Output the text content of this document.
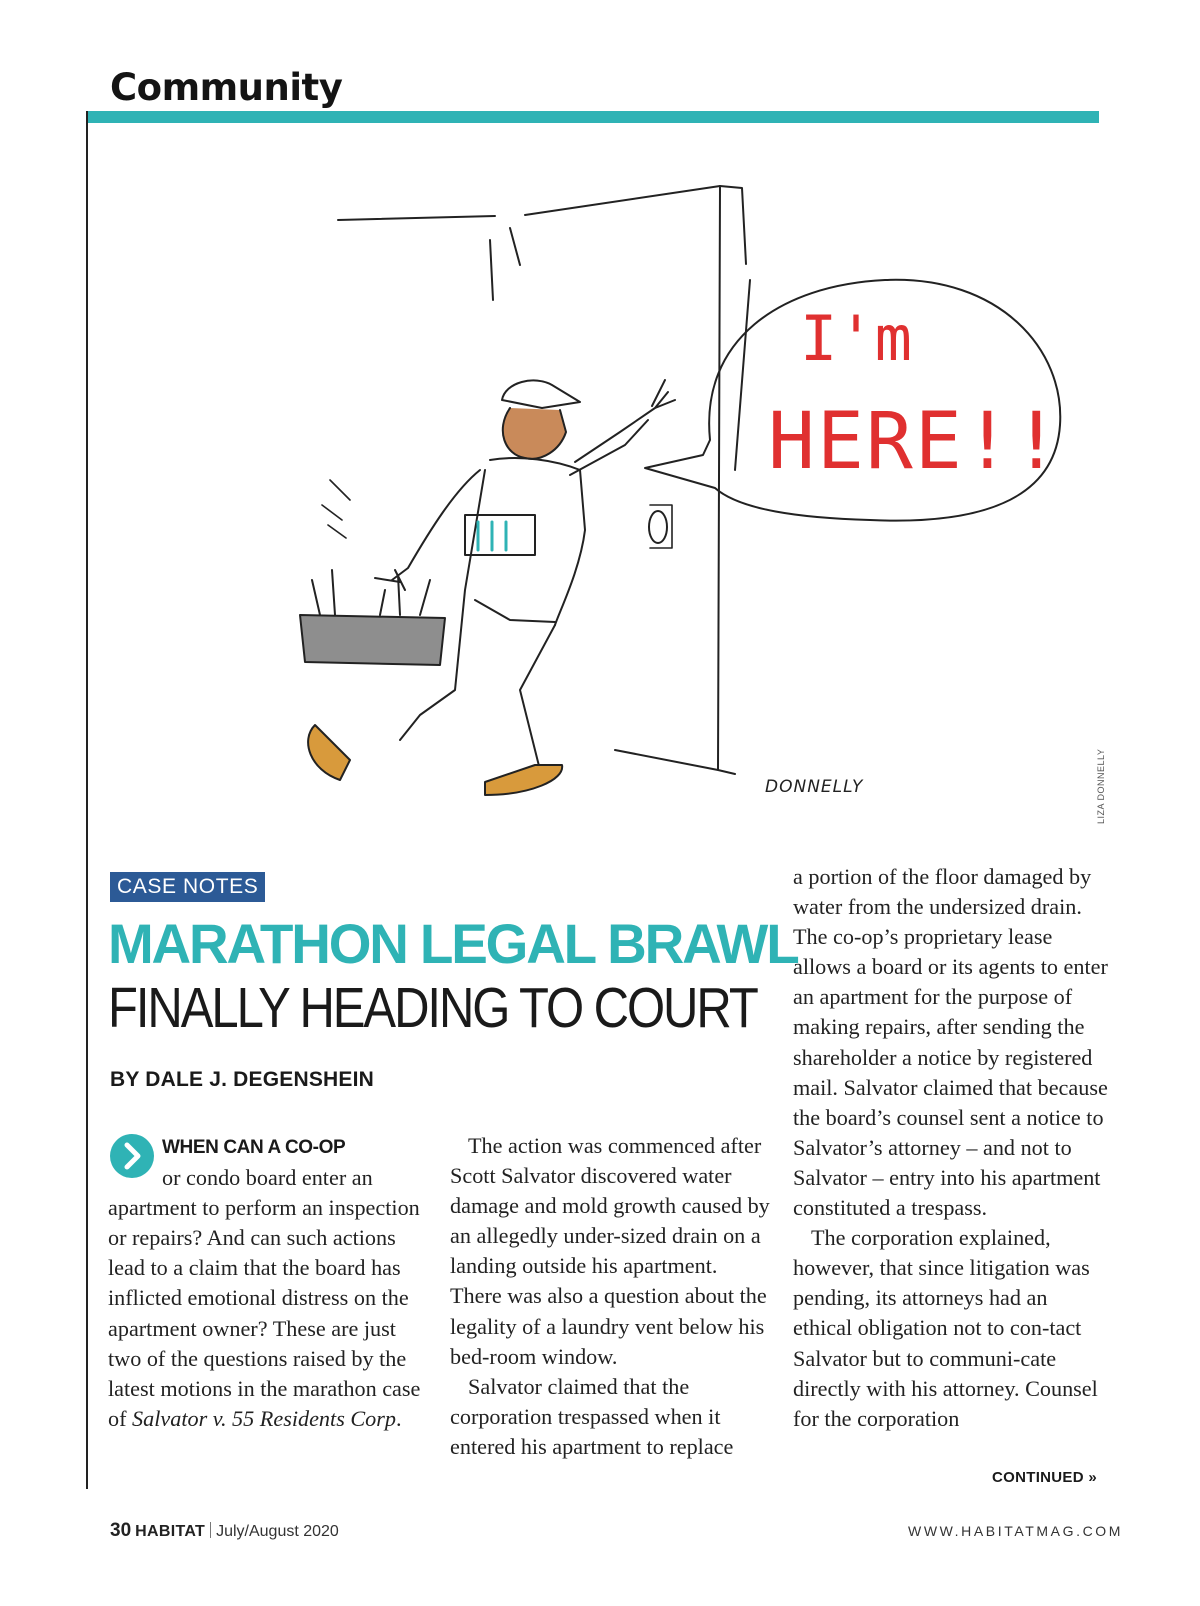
Community
I'm
HERE!!
DONNELLY	LIZA DONNELLY
CASE NOTES
MARATHON LEGAL BRAWL
FINALLY HEADING TO COURT
BY DALE J. DEGENSHEIN

WHEN CAN A CO-OP
or condo board enter an apartment to perform an inspection or repairs? And can such actions lead to a claim that the board has inflicted emotional distress on the apartment owner? These are just two of the questions raised by the latest motions in the marathon case of Salvator v. 55 Residents Corp.

The action was commenced after Scott Salvator discovered water damage and mold growth caused by an allegedly under-sized drain on a landing outside his apartment. There was also a question about the legality of a laundry vent below his bed-room window.

Salvator claimed that the corporation trespassed when it entered his apartment to replace

a portion of the floor damaged by water from the undersized drain. The co-op’s proprietary lease allows a board or its agents to enter an apartment for the purpose of making repairs, after sending the shareholder a notice by registered mail. Salvator claimed that because the board’s counsel sent a notice to Salvator’s attorney – and not to Salvator – entry into his apartment constituted a trespass.

The corporation explained, however, that since litigation was pending, its attorneys had an ethical obligation not to con-tact Salvator but to communi-cate directly with his attorney. Counsel for the corporation

CONTINUED »
30 HABITAT July/August 2020	WWW.HABITATMAG.COM
